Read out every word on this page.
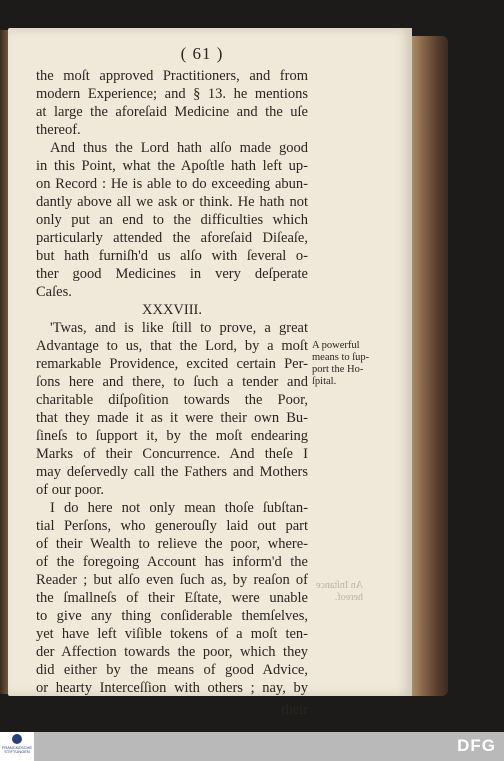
( 61 )
the moſt approved Practitioners, and from
modern Experience; and § 13. he mentions
at large the aforeſaid Medicine and the uſe
thereof.
And thus the Lord hath alſo made good
in this Point, what the Apoſtle hath left up-
on Record : He is able to do exceeding abun-
dantly above all we ask or think. He hath not
only put an end to the difficulties which
particularly attended the aforeſaid Diſeaſe,
but hath furniſh'd us alſo with ſeveral o-
ther good Medicines in very deſperate
Caſes.
XXXVIII.
'Twas, and is like ſtill to prove, a great
Advantage to us, that the Lord, by a moſt
remarkable Providence, excited certain Per-
ſons here and there, to ſuch a tender and
charitable diſpoſition towards the Poor,
that they made it as it were their own Bu-
ſineſs to ſupport it, by the moſt endearing
Marks of their Concurrence. And theſe I
may deſervedly call the Fathers and Mothers
of our poor.
I do here not only mean thoſe ſubſtan-
tial Perſons, who generouſly laid out part
of their Wealth to relieve the poor, where-
of the foregoing Account has inform'd the
Reader ; but alſo even ſuch as, by reaſon of
the ſmallneſs of their Eſtate, were unable
to give any thing conſiderable themſelves,
yet have left viſible tokens of a moſt ten-
der Affection towards the poor, which they
did either by the means of good Advice,
or hearty Interceſſion with others ; nay, by
their
A powerful
means to ſup-
port the Ho-
ſpital.
An Inſtance
hereof.
FRANCKESCHE STIFTUNGEN	DFG
